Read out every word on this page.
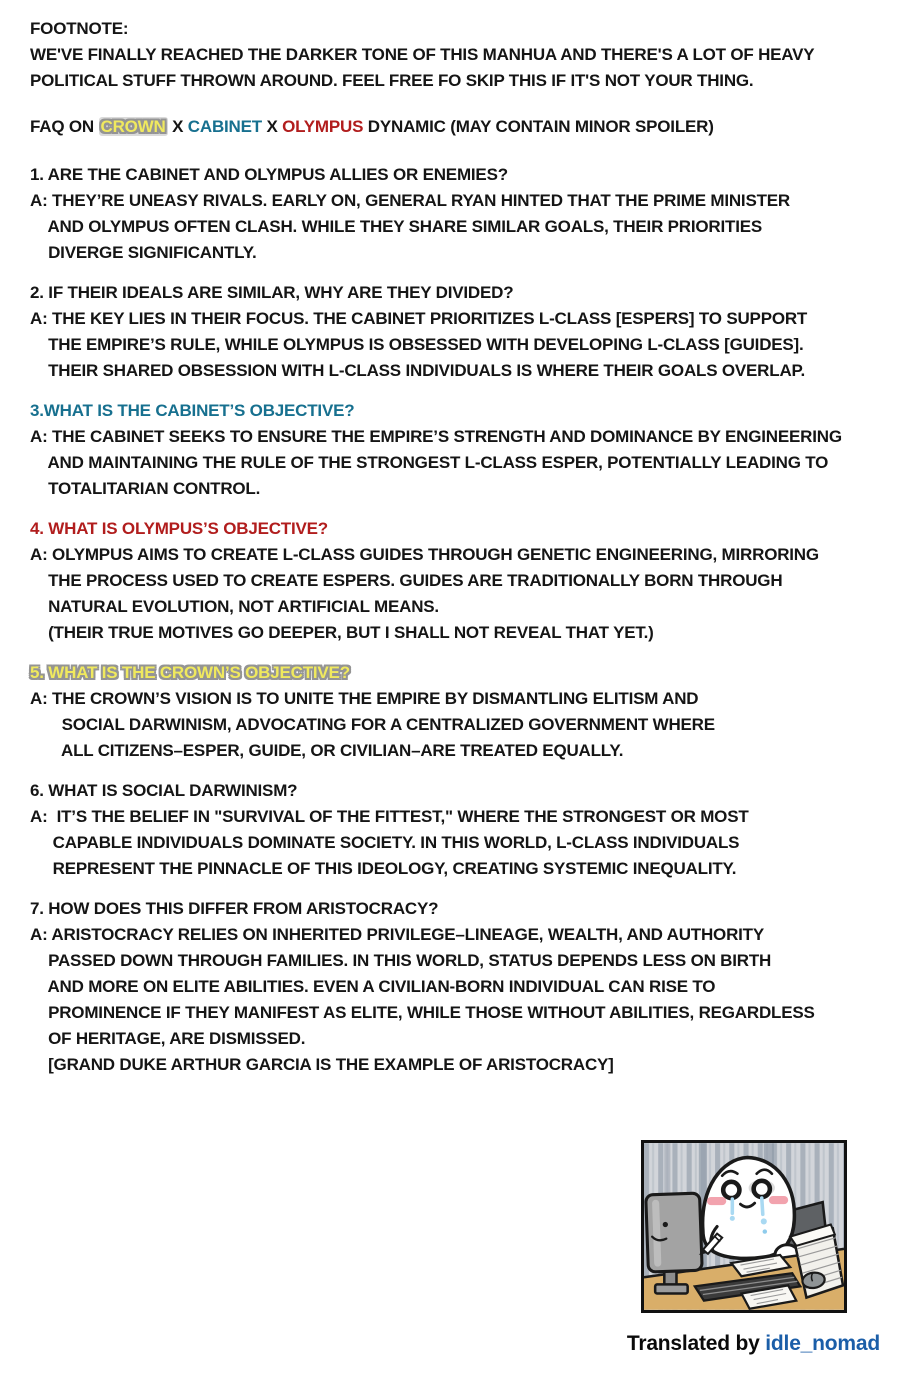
FOOTNOTE:
WE'VE FINALLY REACHED THE DARKER TONE OF THIS MANHUA AND THERE'S A LOT OF HEAVY
POLITICAL STUFF THROWN AROUND. FEEL FREE FO SKIP THIS IF IT'S NOT YOUR THING.
FAQ ON CROWN X CABINET X OLYMPUS DYNAMIC (MAY CONTAIN MINOR SPOILER)
1. ARE THE CABINET AND OLYMPUS ALLIES OR ENEMIES?
A: THEY’RE UNEASY RIVALS. EARLY ON, GENERAL RYAN HINTED THAT THE PRIME MINISTER
AND OLYMPUS OFTEN CLASH. WHILE THEY SHARE SIMILAR GOALS, THEIR PRIORITIES
DIVERGE SIGNIFICANTLY.
2. IF THEIR IDEALS ARE SIMILAR, WHY ARE THEY DIVIDED?
A: THE KEY LIES IN THEIR FOCUS. THE CABINET PRIORITIZES L-CLASS [ESPERS] TO SUPPORT
THE EMPIRE’S RULE, WHILE OLYMPUS IS OBSESSED WITH DEVELOPING L-CLASS [GUIDES].
THEIR SHARED OBSESSION WITH L-CLASS INDIVIDUALS IS WHERE THEIR GOALS OVERLAP.
3.WHAT IS THE CABINET’S OBJECTIVE?
A: THE CABINET SEEKS TO ENSURE THE EMPIRE’S STRENGTH AND DOMINANCE BY ENGINEERING
AND MAINTAINING THE RULE OF THE STRONGEST L-CLASS ESPER, POTENTIALLY LEADING TO
TOTALITARIAN CONTROL.
4. WHAT IS OLYMPUS’S OBJECTIVE?
A: OLYMPUS AIMS TO CREATE L-CLASS GUIDES THROUGH GENETIC ENGINEERING, MIRRORING
THE PROCESS USED TO CREATE ESPERS. GUIDES ARE TRADITIONALLY BORN THROUGH
NATURAL EVOLUTION, NOT ARTIFICIAL MEANS.
(THEIR TRUE MOTIVES GO DEEPER, BUT I SHALL NOT REVEAL THAT YET.)
5. WHAT IS THE CROWN’S OBJECTIVE?
A: THE CROWN’S VISION IS TO UNITE THE EMPIRE BY DISMANTLING ELITISM AND
SOCIAL DARWINISM, ADVOCATING FOR A CENTRALIZED GOVERNMENT WHERE
ALL CITIZENS–ESPER, GUIDE, OR CIVILIAN–ARE TREATED EQUALLY.
6. WHAT IS SOCIAL DARWINISM?
A:  IT’S THE BELIEF IN "SURVIVAL OF THE FITTEST," WHERE THE STRONGEST OR MOST
CAPABLE INDIVIDUALS DOMINATE SOCIETY. IN THIS WORLD, L-CLASS INDIVIDUALS
REPRESENT THE PINNACLE OF THIS IDEOLOGY, CREATING SYSTEMIC INEQUALITY.
7. HOW DOES THIS DIFFER FROM ARISTOCRACY?
A: ARISTOCRACY RELIES ON INHERITED PRIVILEGE–LINEAGE, WEALTH, AND AUTHORITY
PASSED DOWN THROUGH FAMILIES. IN THIS WORLD, STATUS DEPENDS LESS ON BIRTH
AND MORE ON ELITE ABILITIES. EVEN A CIVILIAN-BORN INDIVIDUAL CAN RISE TO
PROMINENCE IF THEY MANIFEST AS ELITE, WHILE THOSE WITHOUT ABILITIES, REGARDLESS
OF HERITAGE, ARE DISMISSED.
[GRAND DUKE ARTHUR GARCIA IS THE EXAMPLE OF ARISTOCRACY]
Translated by idle_nomad
